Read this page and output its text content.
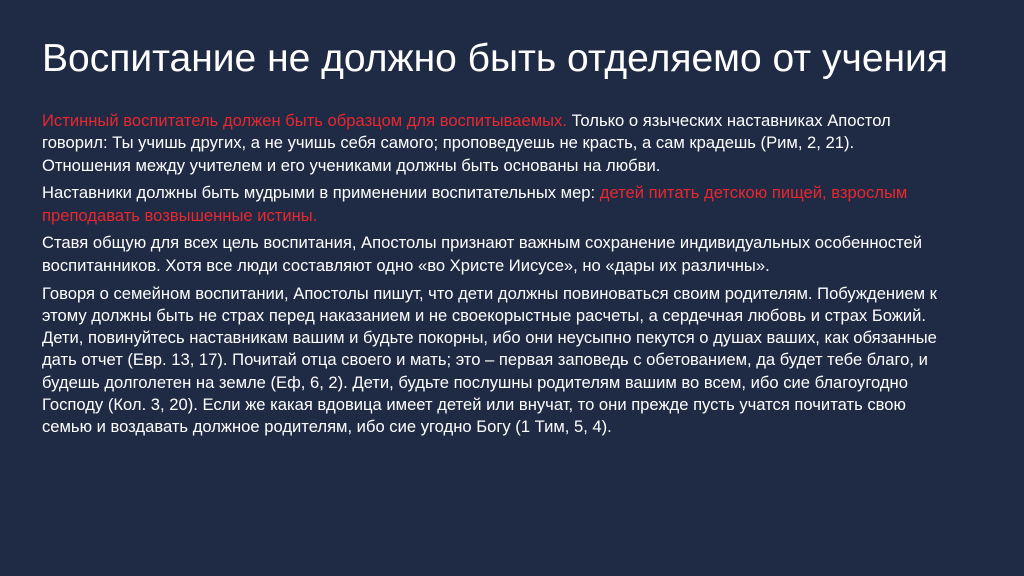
Воспитание не должно быть отделяемо от учения

Истинный воспитатель должен быть образцом для воспитываемых. Только о языческих наставниках Апостол говорил: Ты учишь других, а не учишь себя самого; проповедуешь не красть, а сам крадешь (Рим, 2, 21). Отношения между учителем и его учениками должны быть основаны на любви.

Наставники должны быть мудрыми в применении воспитательных мер: детей питать детскою пищей, взрослым преподавать возвышенные истины.

Ставя общую для всех цель воспитания, Апостолы признают важным сохранение индивидуальных особенностей воспитанников. Хотя все люди составляют одно «во Христе Иисусе», но «дары их различны».

Говоря о семейном воспитании, Апостолы пишут, что дети должны повиноваться своим родителям. Побуждением к этому должны быть не страх перед наказанием и не своекорыстные расчеты, а сердечная любовь и страх Божий. Дети, повинуйтесь наставникам вашим и будьте покорны, ибо они неусыпно пекутся о душах ваших, как обязанные дать отчет (Евр. 13, 17). Почитай отца своего и мать; это – первая заповедь с обетованием, да будет тебе благо, и будешь долголетен на земле (Еф, 6, 2). Дети, будьте послушны родителям вашим во всем, ибо сие благоугодно Господу (Кол. 3, 20). Если же какая вдовица имеет детей или внучат, то они прежде пусть учатся почитать свою семью и воздавать должное родителям, ибо сие угодно Богу (1 Тим, 5, 4).
